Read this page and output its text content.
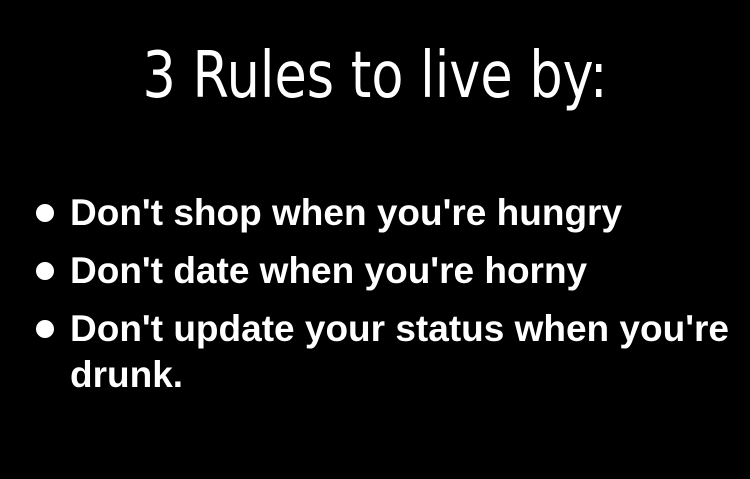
3 Rules to live by:
Don't shop when you're hungry
Don't date when you're horny
Don't update your status when you're drunk.
